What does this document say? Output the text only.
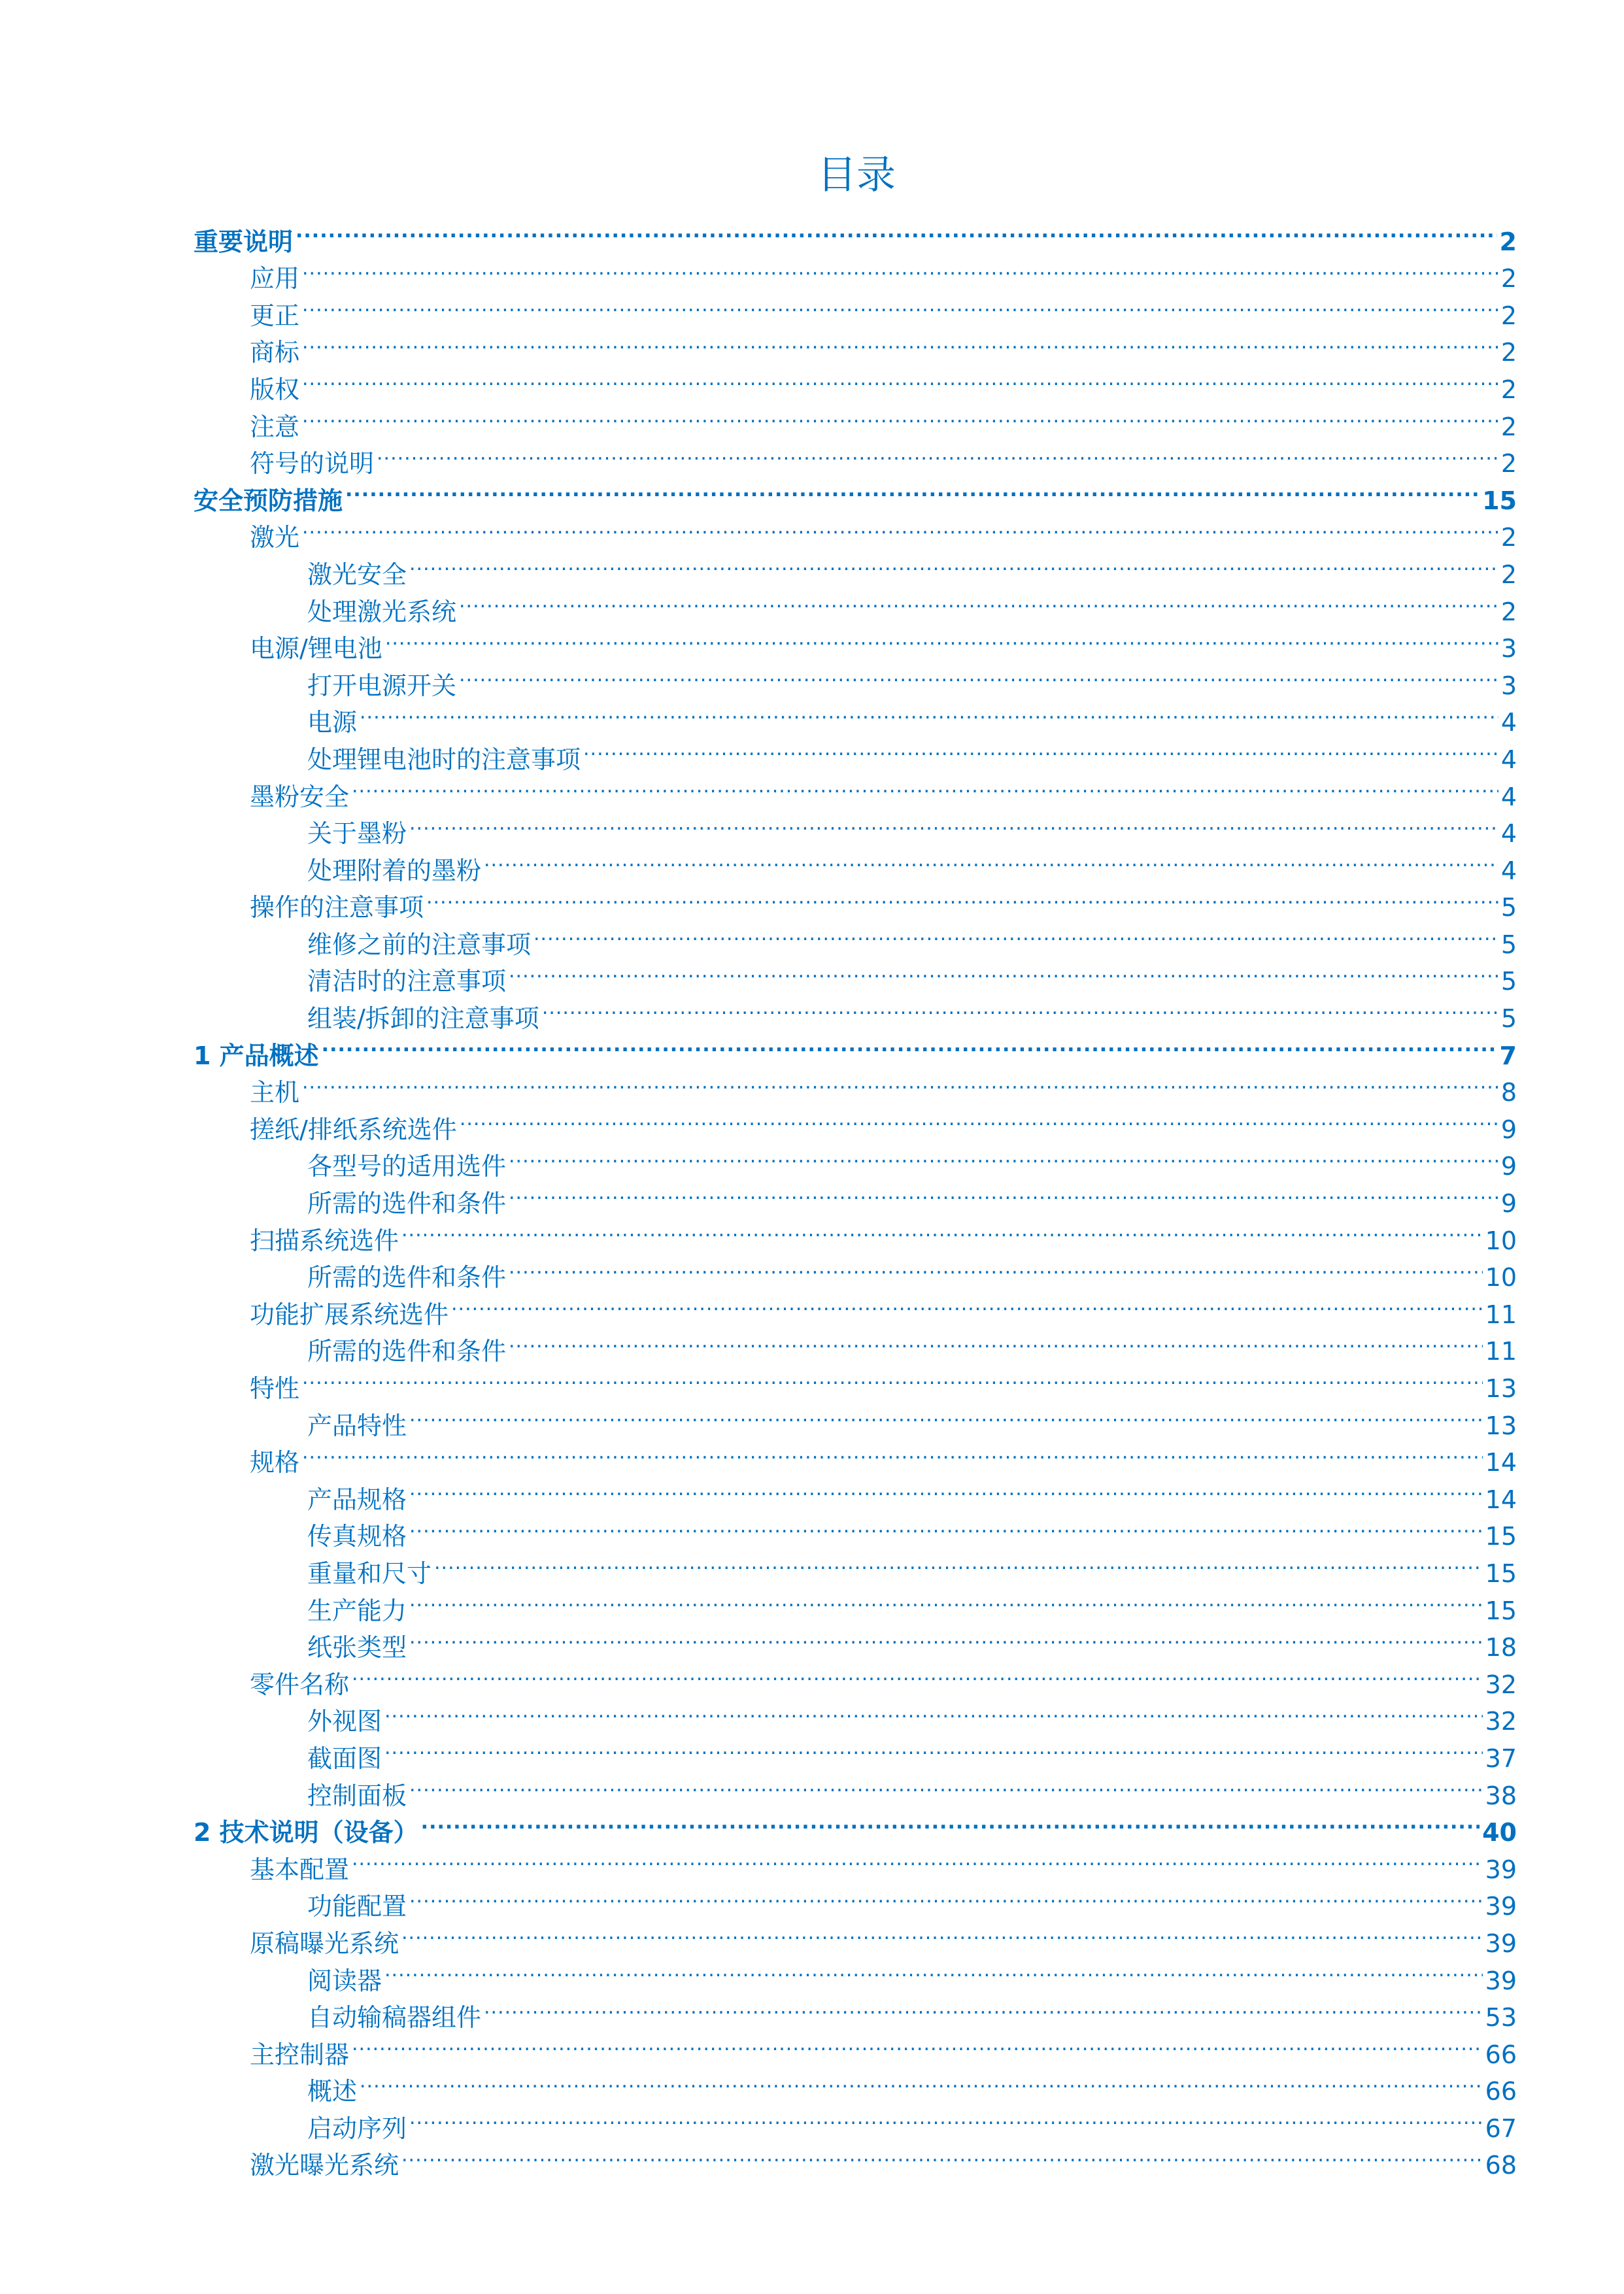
目录
重要说明 .....	2
应用 .....	2
更正 .....	2
商标 .....	2
版权 .....	2
注意 .....	2
符号的说明 .....	2
安全预防措施 .....	15
激光 .....	2
激光安全 .....	2
处理激光系统 .....	2
电源/锂电池 .....	3
打开电源开关 .....	3
电源 .....	4
处理锂电池时的注意事项 .....	4
墨粉安全 .....	4
关于墨粉 .....	4
处理附着的墨粉 .....	4
操作的注意事项 .....	5
维修之前的注意事项 .....	5
清洁时的注意事项 .....	5
组装/拆卸的注意事项 .....	5
1 产品概述 .....	7
主机 .....	8
搓纸/排纸系统选件 .....	9
各型号的适用选件 .....	9
所需的选件和条件 .....	9
扫描系统选件 .....	10
所需的选件和条件 .....	10
功能扩展系统选件 .....	11
所需的选件和条件 .....	11
特性 .....	13
产品特性 .....	13
规格 .....	14
产品规格 .....	14
传真规格 .....	15
重量和尺寸 .....	15
生产能力 .....	15
纸张类型 .....	18
零件名称 .....	32
外视图 .....	32
截面图 .....	37
控制面板 .....	38
2 技术说明（设备） .....	40
基本配置 .....	39
功能配置 .....	39
原稿曝光系统 .....	39
阅读器 .....	39
自动输稿器组件 .....	53
主控制器 .....	66
概述 .....	66
启动序列 .....	67
激光曝光系统 .....	68
